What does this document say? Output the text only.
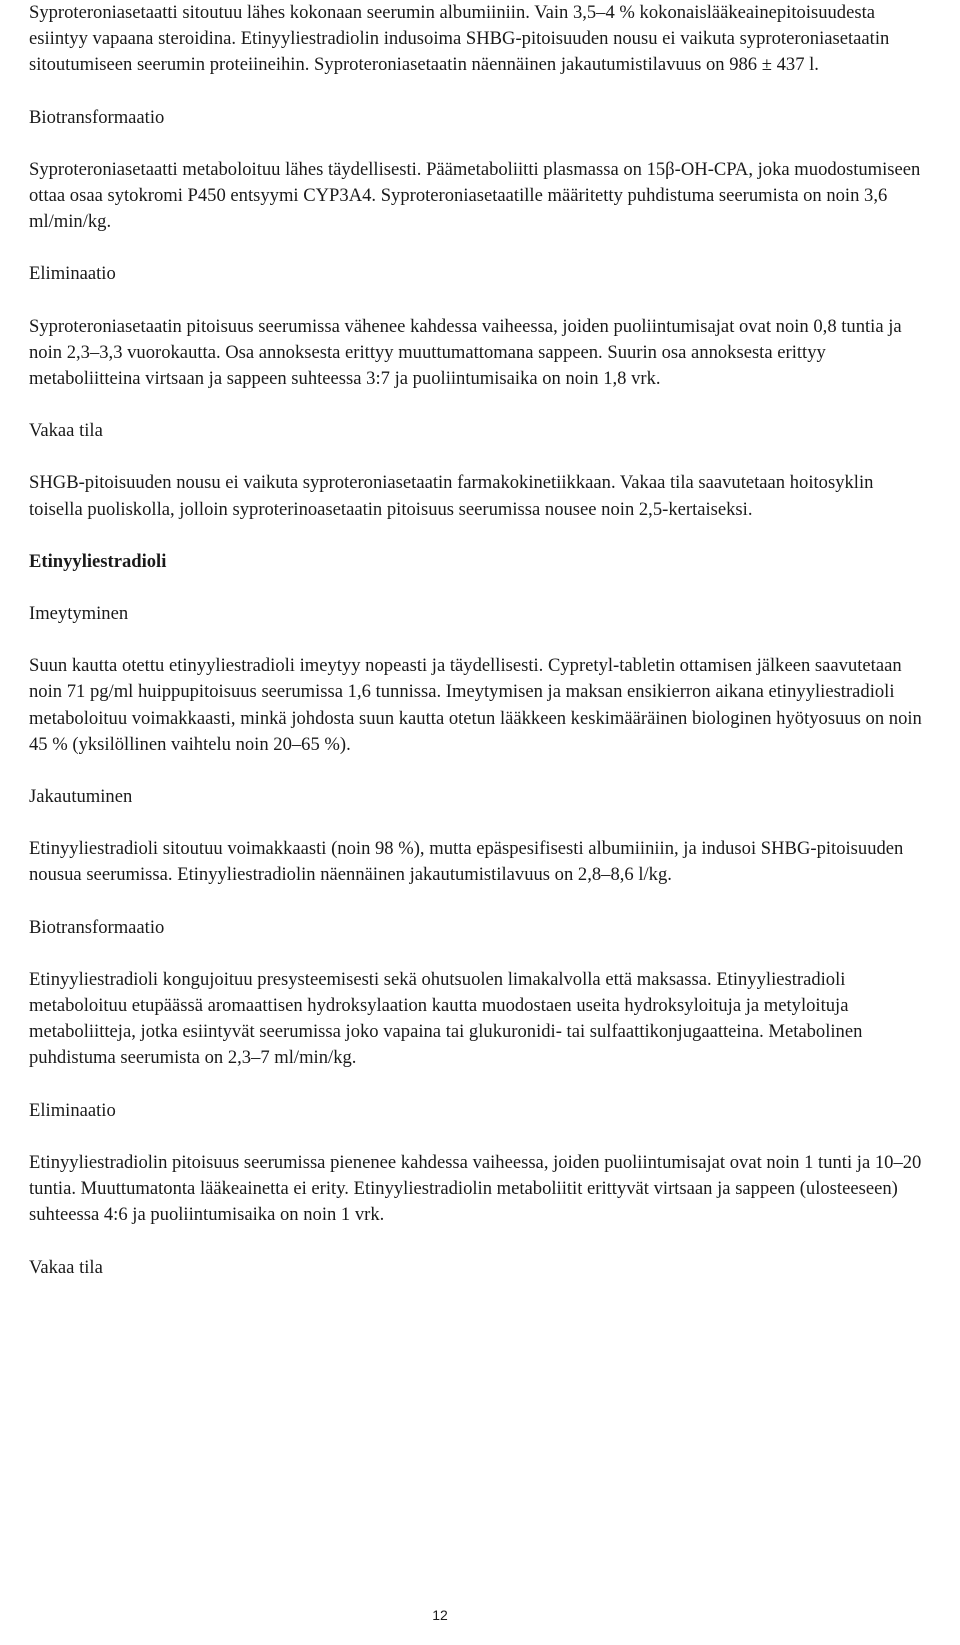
Syproteroniasetaatti sitoutuu lähes kokonaan seerumin albumiiniin. Vain 3,5–4 % kokonaislääkeainepitoisuudesta esiintyy vapaana steroidina. Etinyyliestradiolin indusoima SHBG-pitoisuuden nousu ei vaikuta syproteroniasetaatin sitoutumiseen seerumin proteiineihin. Syproteroniasetaatin näennäinen jakautumistilavuus on 986 ± 437 l.

Biotransformaatio

Syproteroniasetaatti metaboloituu lähes täydellisesti. Päämetaboliitti plasmassa on 15β-OH-CPA, joka muodostumiseen ottaa osaa sytokromi P450 entsyymi CYP3A4. Syproteroniasetaatille määritetty puhdistuma seerumista on noin 3,6 ml/min/kg.

Eliminaatio

Syproteroniasetaatin pitoisuus seerumissa vähenee kahdessa vaiheessa, joiden puoliintumisajat ovat noin 0,8 tuntia ja noin 2,3–3,3 vuorokautta. Osa annoksesta erittyy muuttumattomana sappeen. Suurin osa annoksesta erittyy metaboliitteina virtsaan ja sappeen suhteessa 3:7 ja puoliintumisaika on noin 1,8 vrk.

Vakaa tila

SHGB-pitoisuuden nousu ei vaikuta syproteroniasetaatin farmakokinetiikkaan. Vakaa tila saavutetaan hoitosyklin toisella puoliskolla, jolloin syproterinoasetaatin pitoisuus seerumissa nousee noin 2,5-kertaiseksi.

Etinyyliestradioli

Imeytyminen

Suun kautta otettu etinyyliestradioli imeytyy nopeasti ja täydellisesti. Cypretyl-tabletin ottamisen jälkeen saavutetaan noin 71 pg/ml huippupitoisuus seerumissa 1,6 tunnissa. Imeytymisen ja maksan ensikierron aikana etinyyliestradioli metaboloituu voimakkaasti, minkä johdosta suun kautta otetun lääkkeen keskimääräinen biologinen hyötyosuus on noin 45 % (yksilöllinen vaihtelu noin 20–65 %).

Jakautuminen

Etinyyliestradioli sitoutuu voimakkaasti (noin 98 %), mutta epäspesifisesti albumiiniin, ja indusoi SHBG-pitoisuuden nousua seerumissa. Etinyyliestradiolin näennäinen jakautumistilavuus on 2,8–8,6 l/kg.

Biotransformaatio

Etinyyliestradioli kongujoituu presysteemisesti sekä ohutsuolen limakalvolla että maksassa. Etinyyliestradioli metaboloituu etupäässä aromaattisen hydroksylaation kautta muodostaen useita hydroksyloituja ja metyloituja metaboliitteja, jotka esiintyvät seerumissa joko vapaina tai glukuronidi- tai sulfaattikonjugaatteina. Metabolinen puhdistuma seerumista on 2,3–7 ml/min/kg.

Eliminaatio

Etinyyliestradiolin pitoisuus seerumissa pienenee kahdessa vaiheessa, joiden puoliintumisajat ovat noin 1 tunti ja 10–20 tuntia. Muuttumatonta lääkeainetta ei erity. Etinyyliestradiolin metaboliitit erittyvät virtsaan ja sappeen (ulosteeseen) suhteessa 4:6 ja puoliintumisaika on noin 1 vrk.

Vakaa tila

12
